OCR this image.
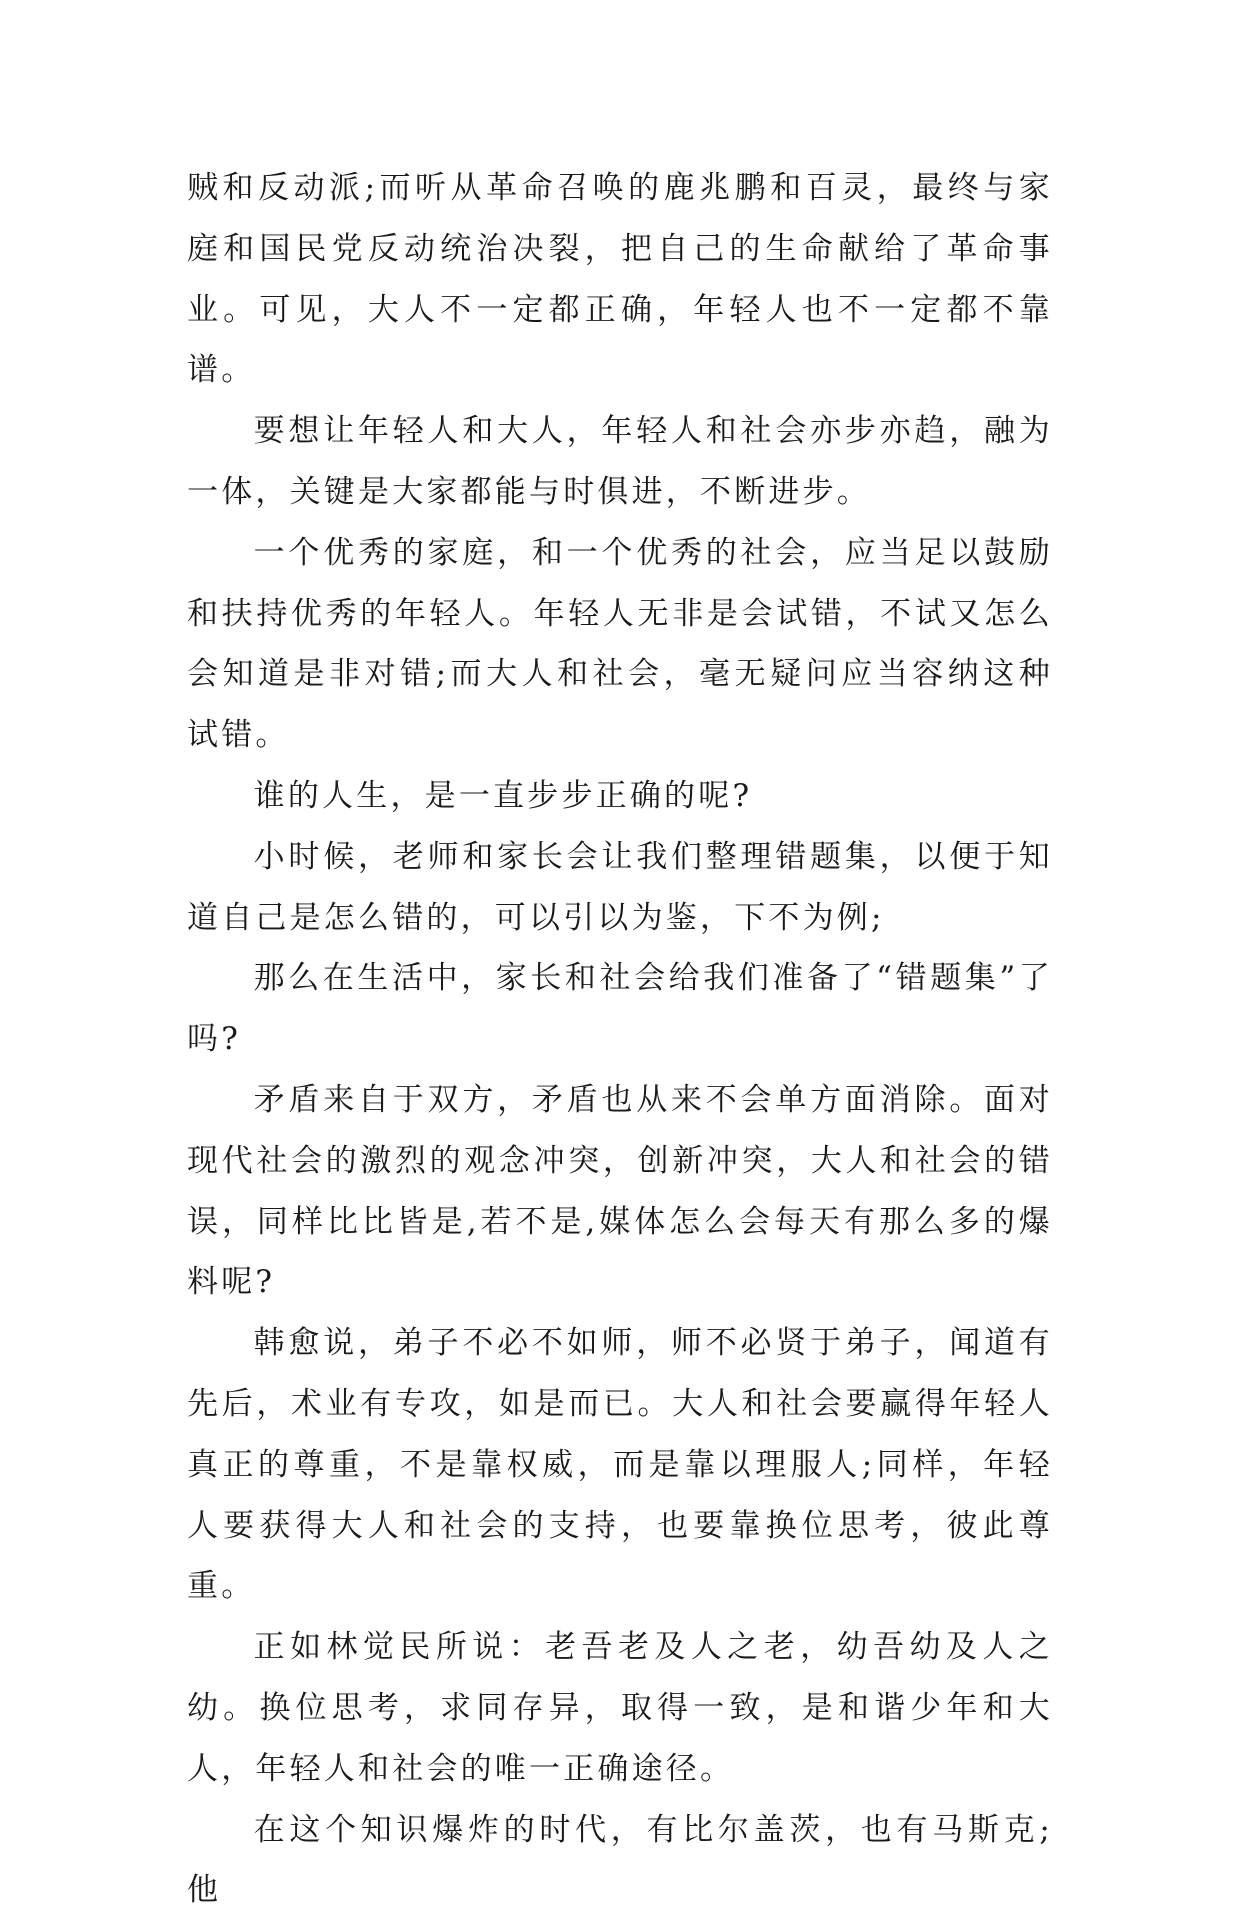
贼和反动派;而听从革命召唤的鹿兆鹏和百灵，最终与家庭和国民党反动统治决裂，把自己的生命献给了革命事业。可见，大人不一定都正确，年轻人也不一定都不靠谱。

要想让年轻人和大人，年轻人和社会亦步亦趋，融为一体，关键是大家都能与时俱进，不断进步。

一个优秀的家庭，和一个优秀的社会，应当足以鼓励和扶持优秀的年轻人。年轻人无非是会试错，不试又怎么会知道是非对错;而大人和社会，毫无疑问应当容纳这种试错。

谁的人生，是一直步步正确的呢?

小时候，老师和家长会让我们整理错题集，以便于知道自己是怎么错的，可以引以为鉴，下不为例;

那么在生活中，家长和社会给我们准备了“错题集”了吗?

矛盾来自于双方，矛盾也从来不会单方面消除。面对现代社会的激烈的观念冲突，创新冲突，大人和社会的错误，同样比比皆是,若不是,媒体怎么会每天有那么多的爆料呢?

韩愈说，弟子不必不如师，师不必贤于弟子，闻道有先后，术业有专攻，如是而已。大人和社会要赢得年轻人真正的尊重，不是靠权威，而是靠以理服人;同样，年轻人要获得大人和社会的支持，也要靠换位思考，彼此尊重。

正如林觉民所说：老吾老及人之老，幼吾幼及人之幼。换位思考，求同存异，取得一致，是和谐少年和大人，年轻人和社会的唯一正确途径。

在这个知识爆炸的时代，有比尔盖茨，也有马斯克;他
